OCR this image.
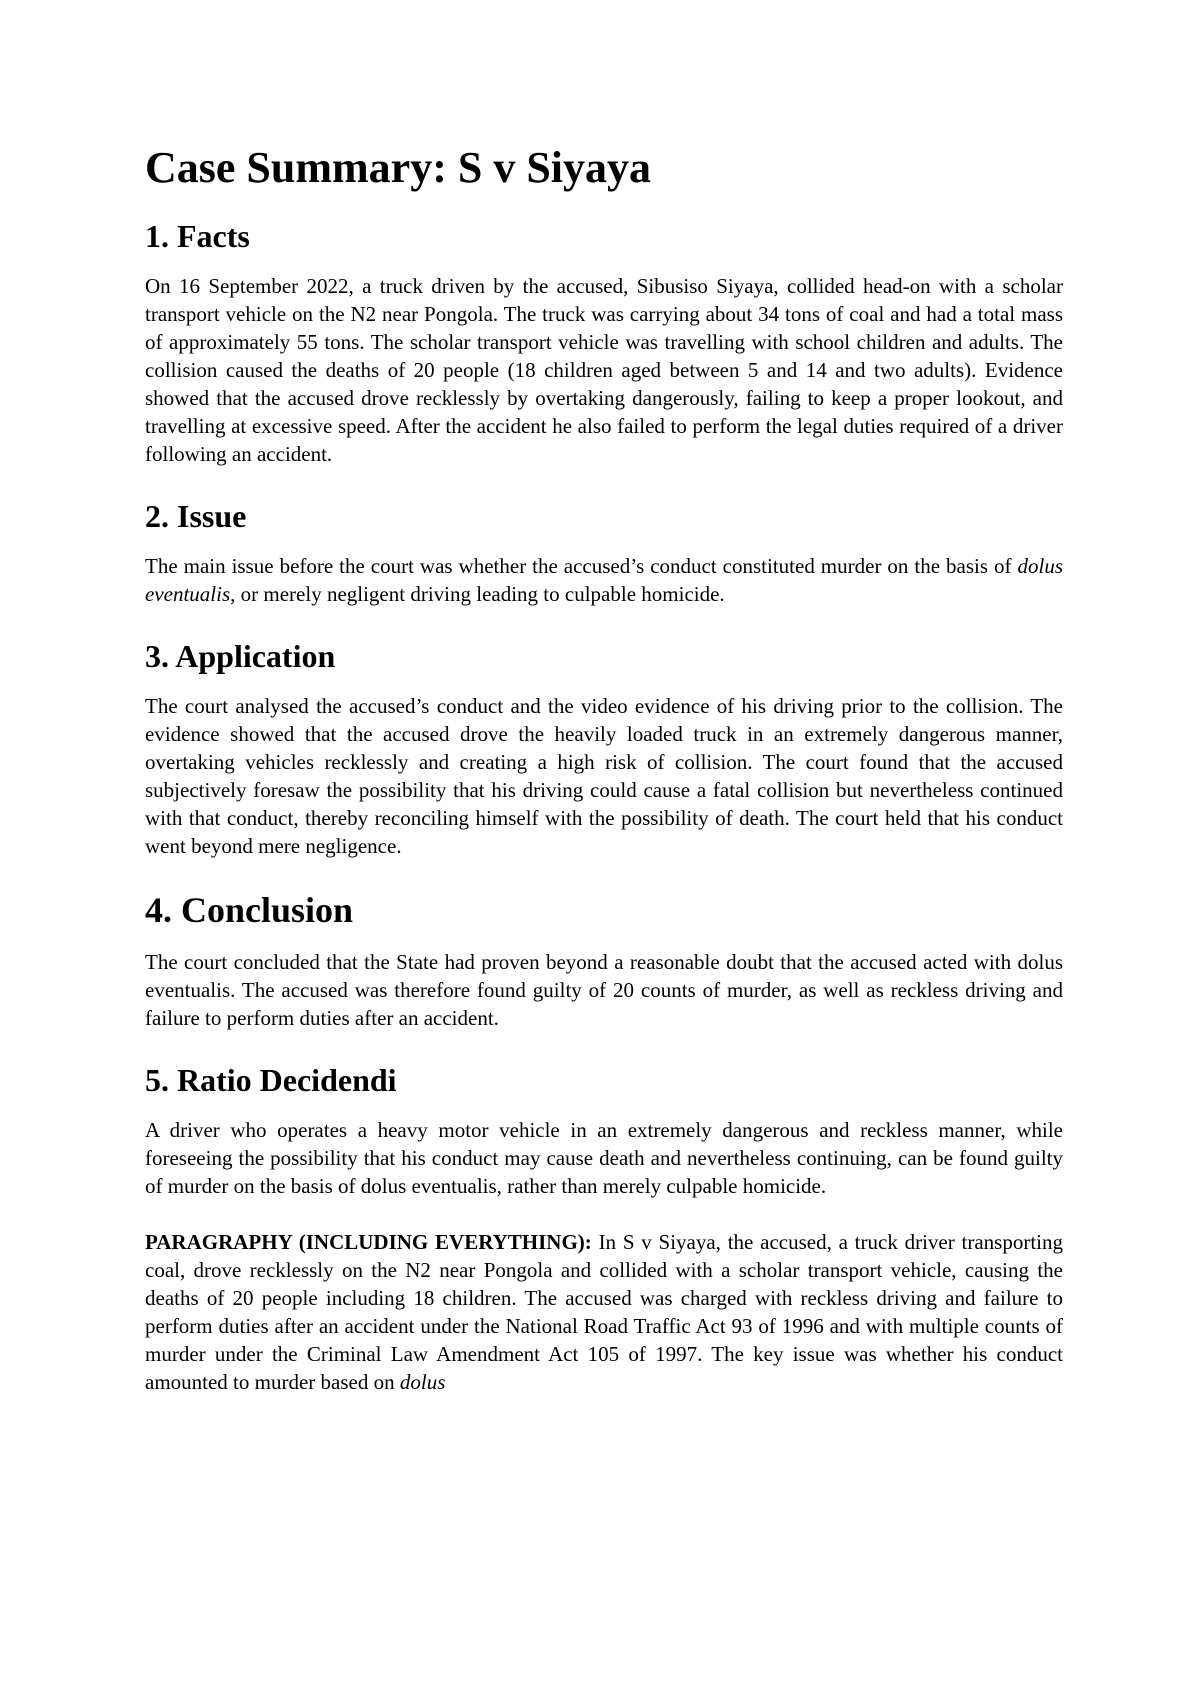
Case Summary: S v Siyaya
1. Facts

On 16 September 2022, a truck driven by the accused, Sibusiso Siyaya, collided head-on with a scholar transport vehicle on the N2 near Pongola. The truck was carrying about 34 tons of coal and had a total mass of approximately 55 tons. The scholar transport vehicle was travelling with school children and adults. The collision caused the deaths of 20 people (18 children aged between 5 and 14 and two adults). Evidence showed that the accused drove recklessly by overtaking dangerously, failing to keep a proper lookout, and travelling at excessive speed. After the accident he also failed to perform the legal duties required of a driver following an accident.

2. Issue

The main issue before the court was whether the accused’s conduct constituted murder on the basis of dolus eventualis, or merely negligent driving leading to culpable homicide.

3. Application

The court analysed the accused’s conduct and the video evidence of his driving prior to the collision. The evidence showed that the accused drove the heavily loaded truck in an extremely dangerous manner, overtaking vehicles recklessly and creating a high risk of collision. The court found that the accused subjectively foresaw the possibility that his driving could cause a fatal collision but nevertheless continued with that conduct, thereby reconciling himself with the possibility of death. The court held that his conduct went beyond mere negligence.

4. Conclusion

The court concluded that the State had proven beyond a reasonable doubt that the accused acted with dolus eventualis. The accused was therefore found guilty of 20 counts of murder, as well as reckless driving and failure to perform duties after an accident.

5. Ratio Decidendi

A driver who operates a heavy motor vehicle in an extremely dangerous and reckless manner, while foreseeing the possibility that his conduct may cause death and nevertheless continuing, can be found guilty of murder on the basis of dolus eventualis, rather than merely culpable homicide.

PARAGRAPHY (INCLUDING EVERYTHING): In S v Siyaya, the accused, a truck driver transporting coal, drove recklessly on the N2 near Pongola and collided with a scholar transport vehicle, causing the deaths of 20 people including 18 children. The accused was charged with reckless driving and failure to perform duties after an accident under the National Road Traffic Act 93 of 1996 and with multiple counts of murder under the Criminal Law Amendment Act 105 of 1997. The key issue was whether his conduct amounted to murder based on dolus
